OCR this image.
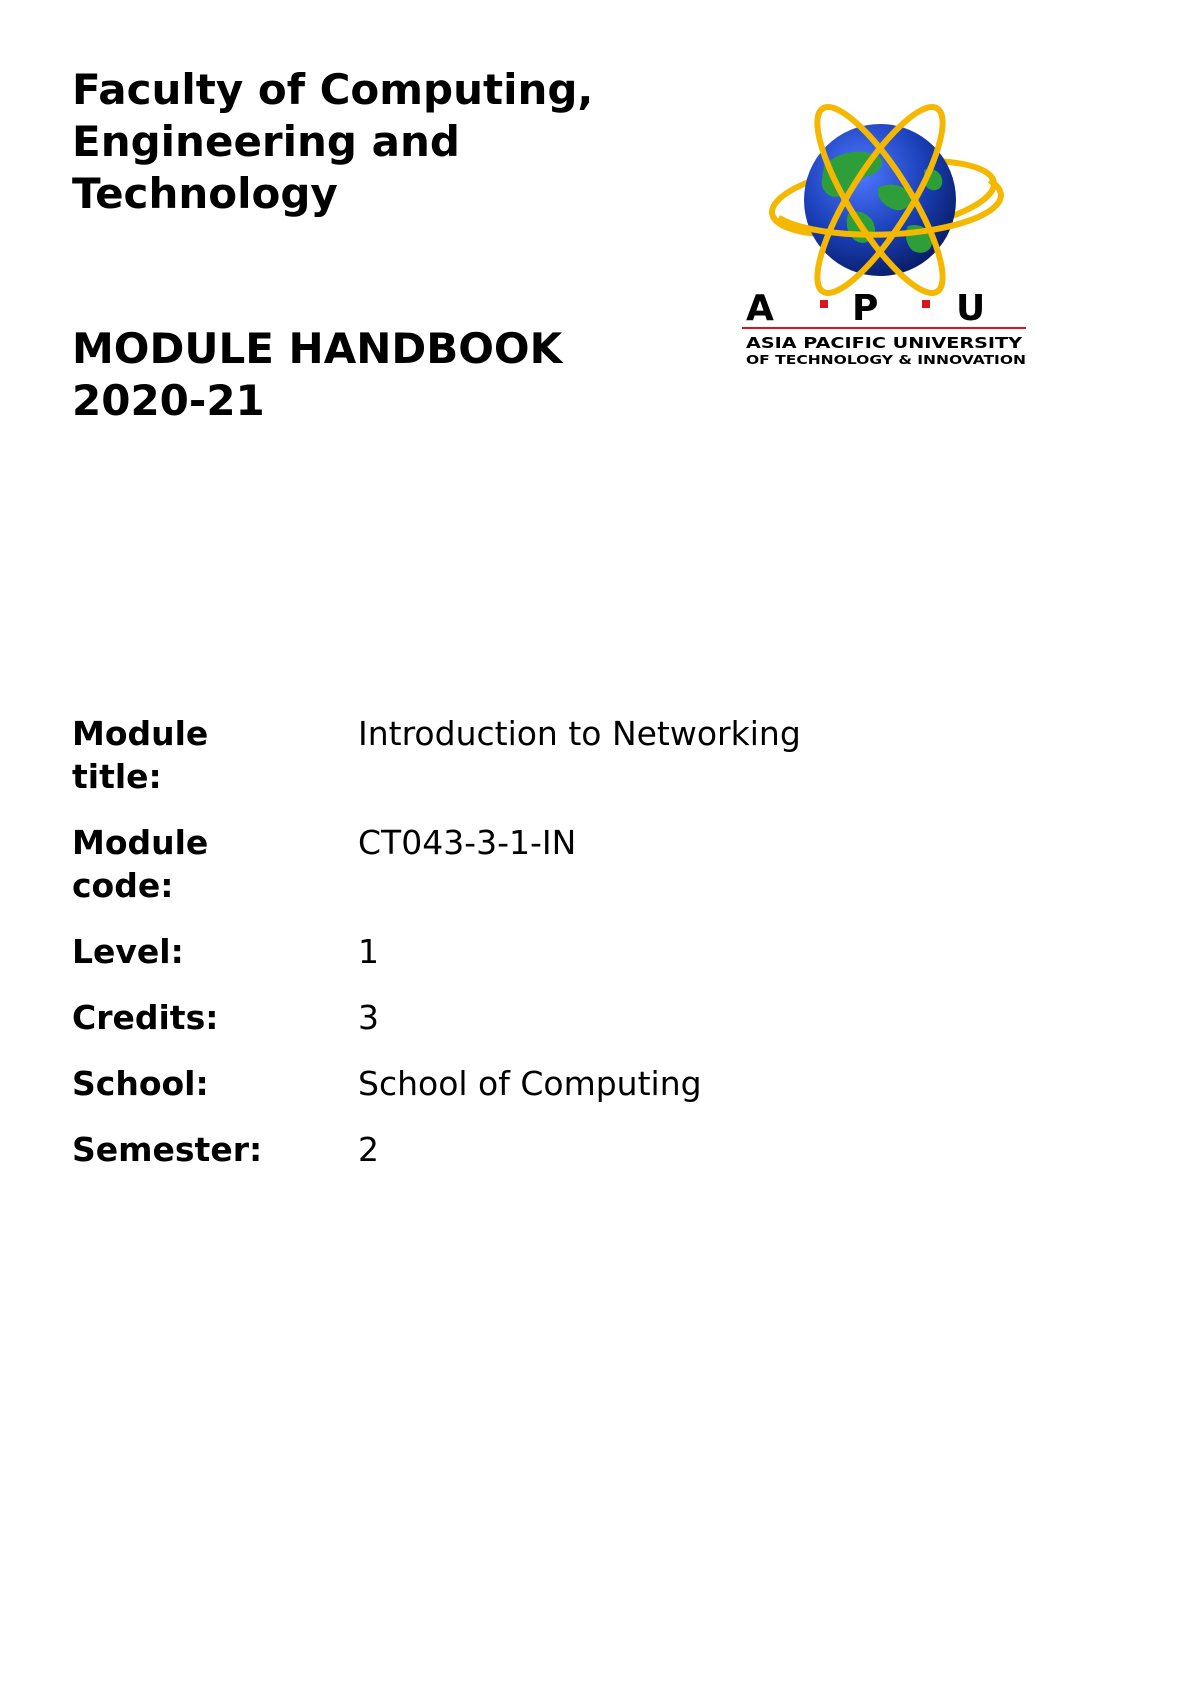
Faculty of Computing,
Engineering and
Technology
MODULE HANDBOOK
2020-21
A P U
ASIA PACIFIC UNIVERSITY
OF TECHNOLOGY & INNOVATION
Module
title:	Introduction to Networking
Module
code:	CT043-3-1-IN
Level:	1
Credits:	3
School:	School of Computing
Semester:	2
